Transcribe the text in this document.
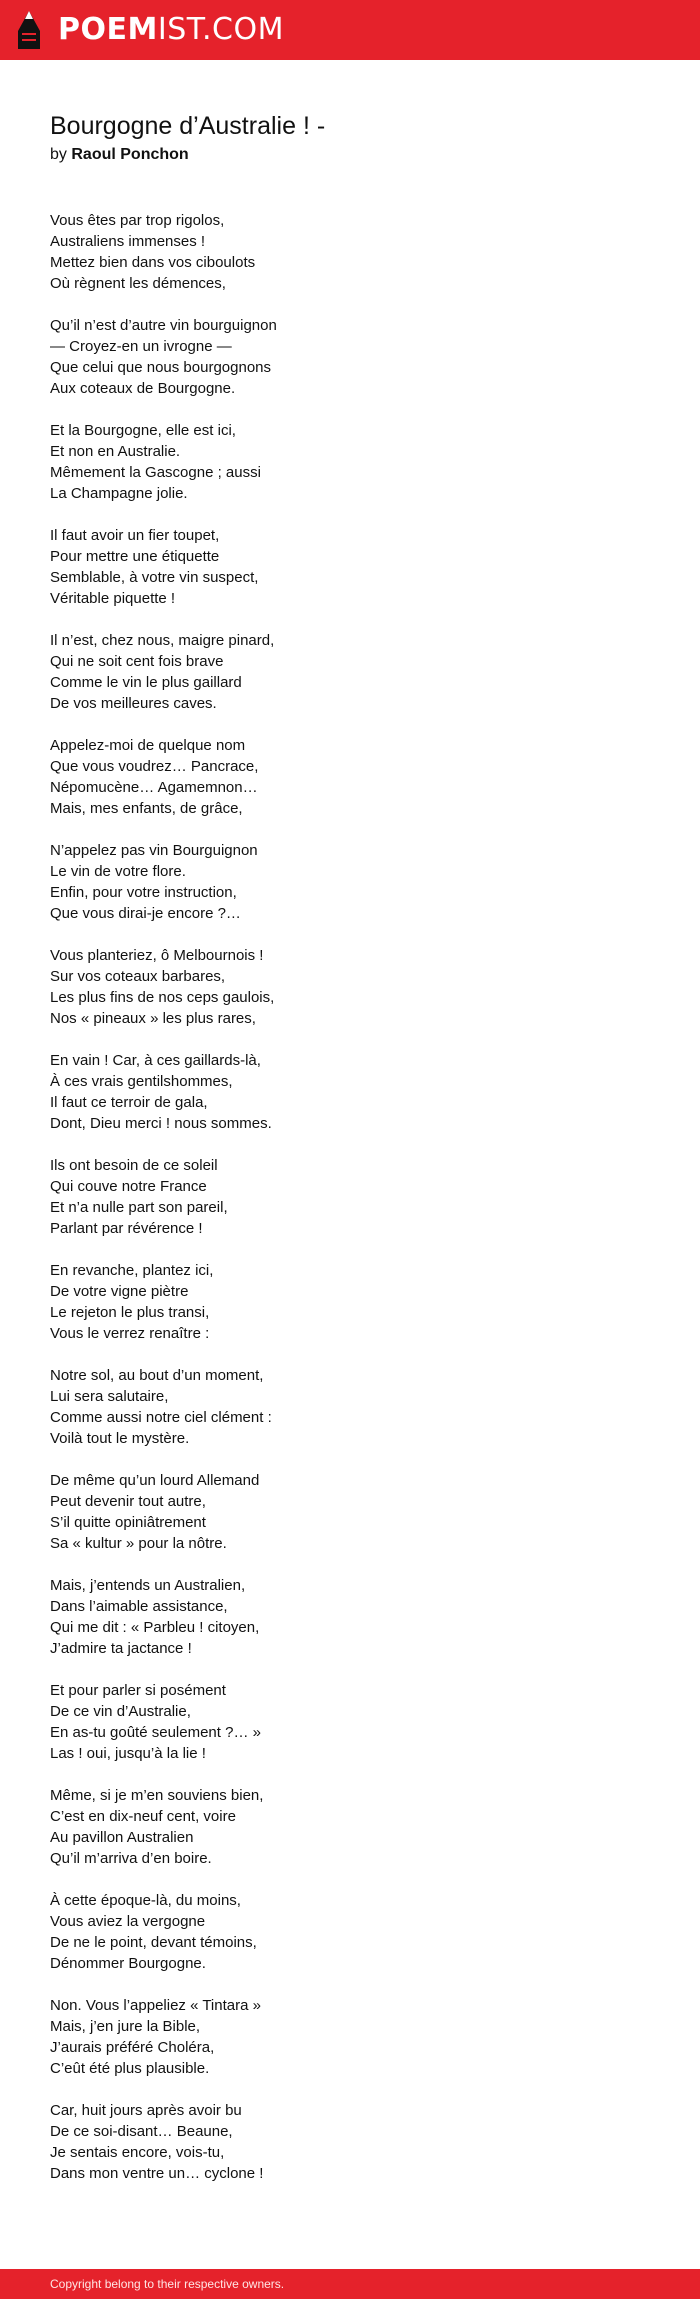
POEMIST.COM
Bourgogne d’Australie ! -
by Raoul Ponchon
Vous êtes par trop rigolos,
Australiens immenses !
Mettez bien dans vos ciboulots
Où règnent les démences,
Qu’il n’est d’autre vin bourguignon
— Croyez-en un ivrogne —
Que celui que nous bourgognons
Aux coteaux de Bourgogne.
Et la Bourgogne, elle est ici,
Et non en Australie.
Mêmement la Gascogne ; aussi
La Champagne jolie.
Il faut avoir un fier toupet,
Pour mettre une étiquette
Semblable, à votre vin suspect,
Véritable piquette !
Il n’est, chez nous, maigre pinard,
Qui ne soit cent fois brave
Comme le vin le plus gaillard
De vos meilleures caves.
Appelez-moi de quelque nom
Que vous voudrez… Pancrace,
Népomucène… Agamemnon…
Mais, mes enfants, de grâce,
N’appelez pas vin Bourguignon
Le vin de votre flore.
Enfin, pour votre instruction,
Que vous dirai-je encore ?…
Vous planteriez, ô Melbournois !
Sur vos coteaux barbares,
Les plus fins de nos ceps gaulois,
Nos « pineaux » les plus rares,
En vain ! Car, à ces gaillards-là,
À ces vrais gentilshommes,
Il faut ce terroir de gala,
Dont, Dieu merci ! nous sommes.
Ils ont besoin de ce soleil
Qui couve notre France
Et n’a nulle part son pareil,
Parlant par révérence !
En revanche, plantez ici,
De votre vigne piètre
Le rejeton le plus transi,
Vous le verrez renaître :
Notre sol, au bout d’un moment,
Lui sera salutaire,
Comme aussi notre ciel clément :
Voilà tout le mystère.
De même qu’un lourd Allemand
Peut devenir tout autre,
S’il quitte opiniâtrement
Sa « kultur » pour la nôtre.
Mais, j’entends un Australien,
Dans l’aimable assistance,
Qui me dit : « Parbleu ! citoyen,
J’admire ta jactance !
Et pour parler si posément
De ce vin d’Australie,
En as-tu goûté seulement ?… »
Las ! oui, jusqu’à la lie !
Même, si je m’en souviens bien,
C’est en dix-neuf cent, voire
Au pavillon Australien
Qu’il m’arriva d’en boire.
À cette époque-là, du moins,
Vous aviez la vergogne
De ne le point, devant témoins,
Dénommer Bourgogne.
Non. Vous l’appeliez « Tintara »
Mais, j’en jure la Bible,
J’aurais préféré Choléra,
C’eût été plus plausible.
Car, huit jours après avoir bu
De ce soi-disant… Beaune,
Je sentais encore, vois-tu,
Dans mon ventre un… cyclone !
Copyright belong to their respective owners.
